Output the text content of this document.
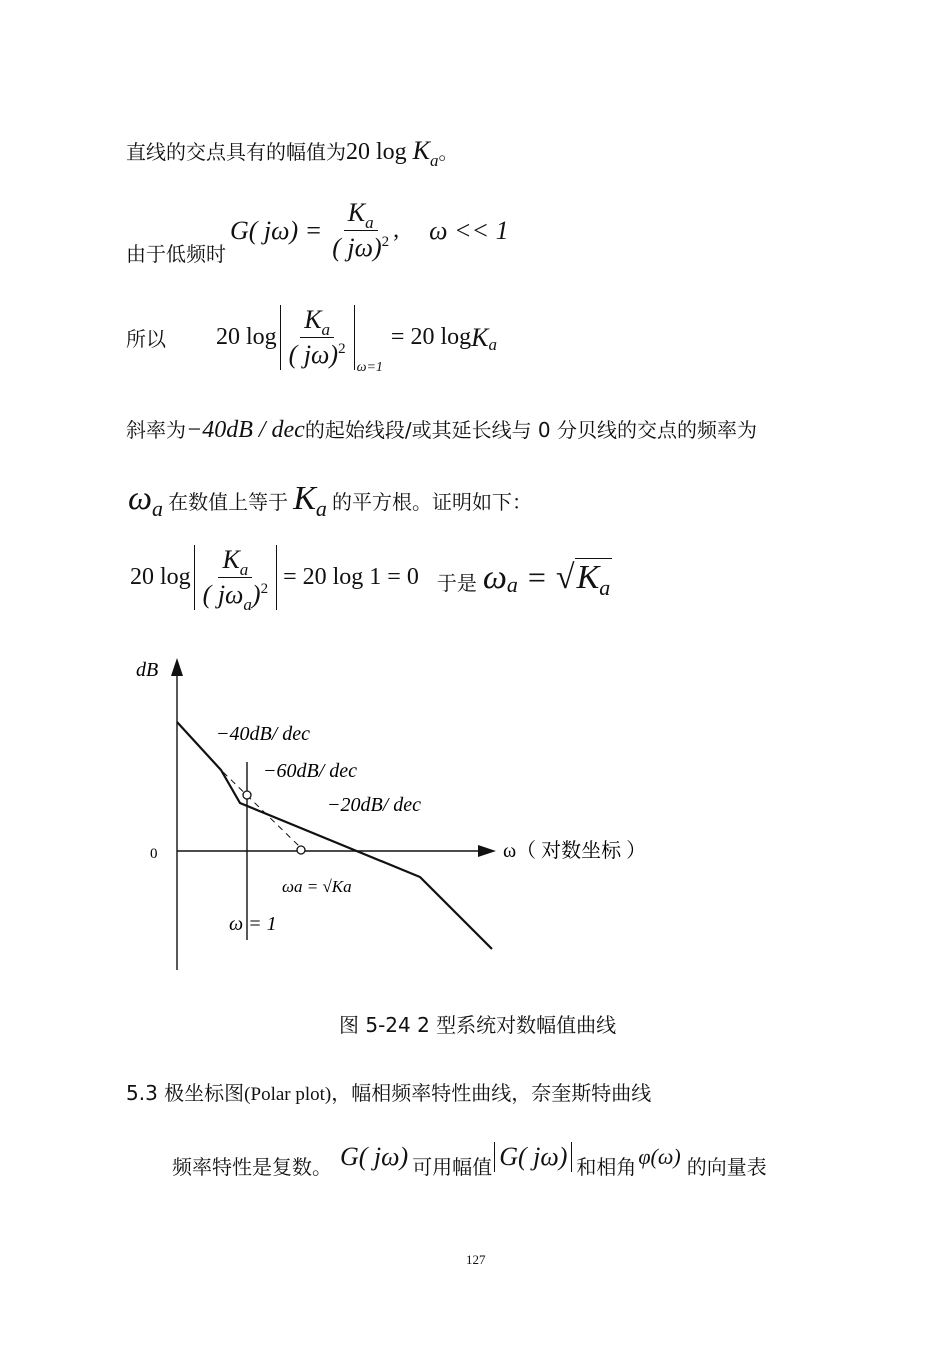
直线的交点具有的幅值为20 log Ka。
由于低频时
G( $j\omega) = \frac{Ka}{( j\omega)2}$ , ω << 1
所以 20 $\log \frac{Ka}{( j\omega)2} \omega=1$
= 20 log K a
斜率为−40dB / dec的起始线段/或其延长线与 0 分贝线的交点的频率为
ωa 在数值上等于 Ka 的平方根。证明如下：
20 $\log \frac{Ka}{\text{( jωa)2}} = 20$ log 1 = 0 于是 ω a = √ Ka
dB
0
−40dB/ dec
−60dB/ dec
−20dB/ dec
ω（ 对数坐标 ）
ωa = √Ka
ω = 1
图 5-24 2 型系统对数幅值曲线
5.3 极坐标图(Polar plot)，幅相频率特性曲线，奈奎斯特曲线
频率特性是复数。 G( jω) 可用幅值 G( jω) 和相角 φ(ω) 的向量表
127
